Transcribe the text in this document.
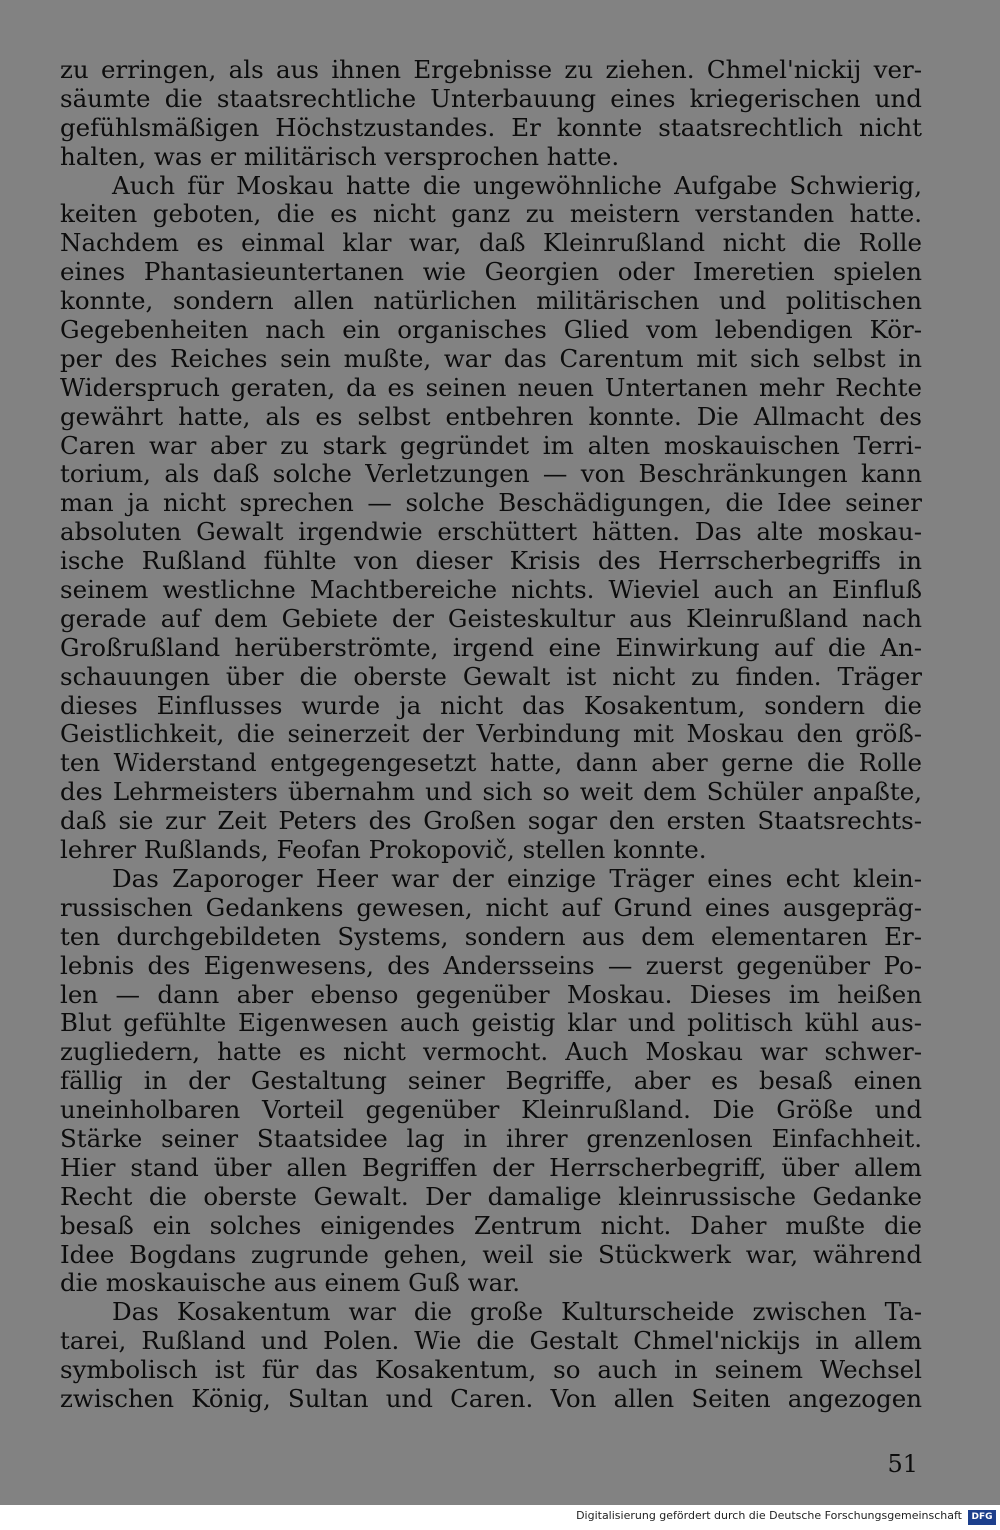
zu erringen, als aus ihnen Ergebnisse zu ziehen. Chmel'nickij ver-
säumte die staatsrechtliche Unterbauung eines kriegerischen und
gefühlsmäßigen Höchstzustandes. Er konnte staatsrechtlich nicht
halten, was er militärisch versprochen hatte.
Auch für Moskau hatte die ungewöhnliche Aufgabe Schwierig,
keiten geboten, die es nicht ganz zu meistern verstanden hatte.
Nachdem es einmal klar war, daß Kleinrußland nicht die Rolle
eines Phantasieuntertanen wie Georgien oder Imeretien spielen
konnte, sondern allen natürlichen militärischen und politischen
Gegebenheiten nach ein organisches Glied vom lebendigen Kör-
per des Reiches sein mußte, war das Carentum mit sich selbst in
Widerspruch geraten, da es seinen neuen Untertanen mehr Rechte
gewährt hatte, als es selbst entbehren konnte. Die Allmacht des
Caren war aber zu stark gegründet im alten moskauischen Terri-
torium, als daß solche Verletzungen — von Beschränkungen kann
man ja nicht sprechen — solche Beschädigungen, die Idee seiner
absoluten Gewalt irgendwie erschüttert hätten. Das alte moskau-
ische Rußland fühlte von dieser Krisis des Herrscherbegriffs in
seinem westlichne Machtbereiche nichts. Wieviel auch an Einfluß
gerade auf dem Gebiete der Geisteskultur aus Kleinrußland nach
Großrußland herüberströmte, irgend eine Einwirkung auf die An-
schauungen über die oberste Gewalt ist nicht zu finden. Träger
dieses Einflusses wurde ja nicht das Kosakentum, sondern die
Geistlichkeit, die seinerzeit der Verbindung mit Moskau den größ-
ten Widerstand entgegengesetzt hatte, dann aber gerne die Rolle
des Lehrmeisters übernahm und sich so weit dem Schüler anpaßte,
daß sie zur Zeit Peters des Großen sogar den ersten Staatsrechts-
lehrer Rußlands, Feofan Prokopovič, stellen konnte.
Das Zaporoger Heer war der einzige Träger eines echt klein-
russischen Gedankens gewesen, nicht auf Grund eines ausgepräg-
ten durchgebildeten Systems, sondern aus dem elementaren Er-
lebnis des Eigenwesens, des Andersseins — zuerst gegenüber Po-
len — dann aber ebenso gegenüber Moskau. Dieses im heißen
Blut gefühlte Eigenwesen auch geistig klar und politisch kühl aus-
zugliedern, hatte es nicht vermocht. Auch Moskau war schwer-
fällig in der Gestaltung seiner Begriffe, aber es besaß einen
uneinholbaren Vorteil gegenüber Kleinrußland. Die Größe und
Stärke seiner Staatsidee lag in ihrer grenzenlosen Einfachheit.
Hier stand über allen Begriffen der Herrscherbegriff, über allem
Recht die oberste Gewalt. Der damalige kleinrussische Gedanke
besaß ein solches einigendes Zentrum nicht. Daher mußte die
Idee Bogdans zugrunde gehen, weil sie Stückwerk war, während
die moskauische aus einem Guß war.
Das Kosakentum war die große Kulturscheide zwischen Ta-
tarei, Rußland und Polen. Wie die Gestalt Chmel'nickijs in allem
symbolisch ist für das Kosakentum, so auch in seinem Wechsel
zwischen König, Sultan und Caren. Von allen Seiten angezogen
51
Digitalisierung gefördert durch die Deutsche Forschungsgemeinschaft	DFG
